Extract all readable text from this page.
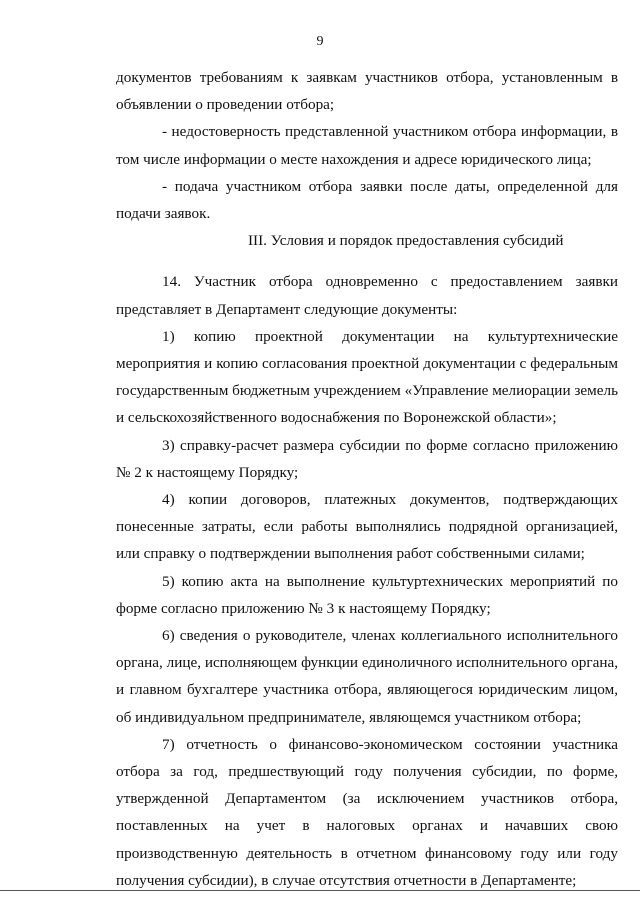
9

документов требованиям к заявкам участников отбора, установленным в объявлении о проведении отбора;

- недостоверность представленной участником отбора информации, в том числе информации о месте нахождения и адресе юридического лица;

- подача участником отбора заявки после даты, определенной для подачи заявок.

III. Условия и порядок предоставления субсидий

14. Участник отбора одновременно с предоставлением заявки представляет в Департамент следующие документы:

1) копию проектной документации на культуртехнические мероприятия и копию согласования проектной документации с федеральным государственным бюджетным учреждением «Управление мелиорации земель и сельскохозяйственного водоснабжения по Воронежской области»;

3) справку-расчет размера субсидии по форме согласно приложению № 2 к настоящему Порядку;

4) копии договоров, платежных документов, подтверждающих понесенные затраты, если работы выполнялись подрядной организацией, или справку о подтверждении выполнения работ собственными силами;

5) копию акта на выполнение культуртехнических мероприятий по форме согласно приложению № 3 к настоящему Порядку;

6) сведения о руководителе, членах коллегиального исполнительного органа, лице, исполняющем функции единоличного исполнительного органа, и главном бухгалтере участника отбора, являющегося юридическим лицом, об индивидуальном предпринимателе, являющемся участником отбора;

7) отчетность о финансово-экономическом состоянии участника отбора за год, предшествующий году получения субсидии, по форме, утвержденной Департаментом (за исключением участников отбора, поставленных на учет в налоговых органах и начавших свою производственную деятельность в отчетном финансовому году или году получения субсидии), в случае отсутствия отчетности в Департаменте;
